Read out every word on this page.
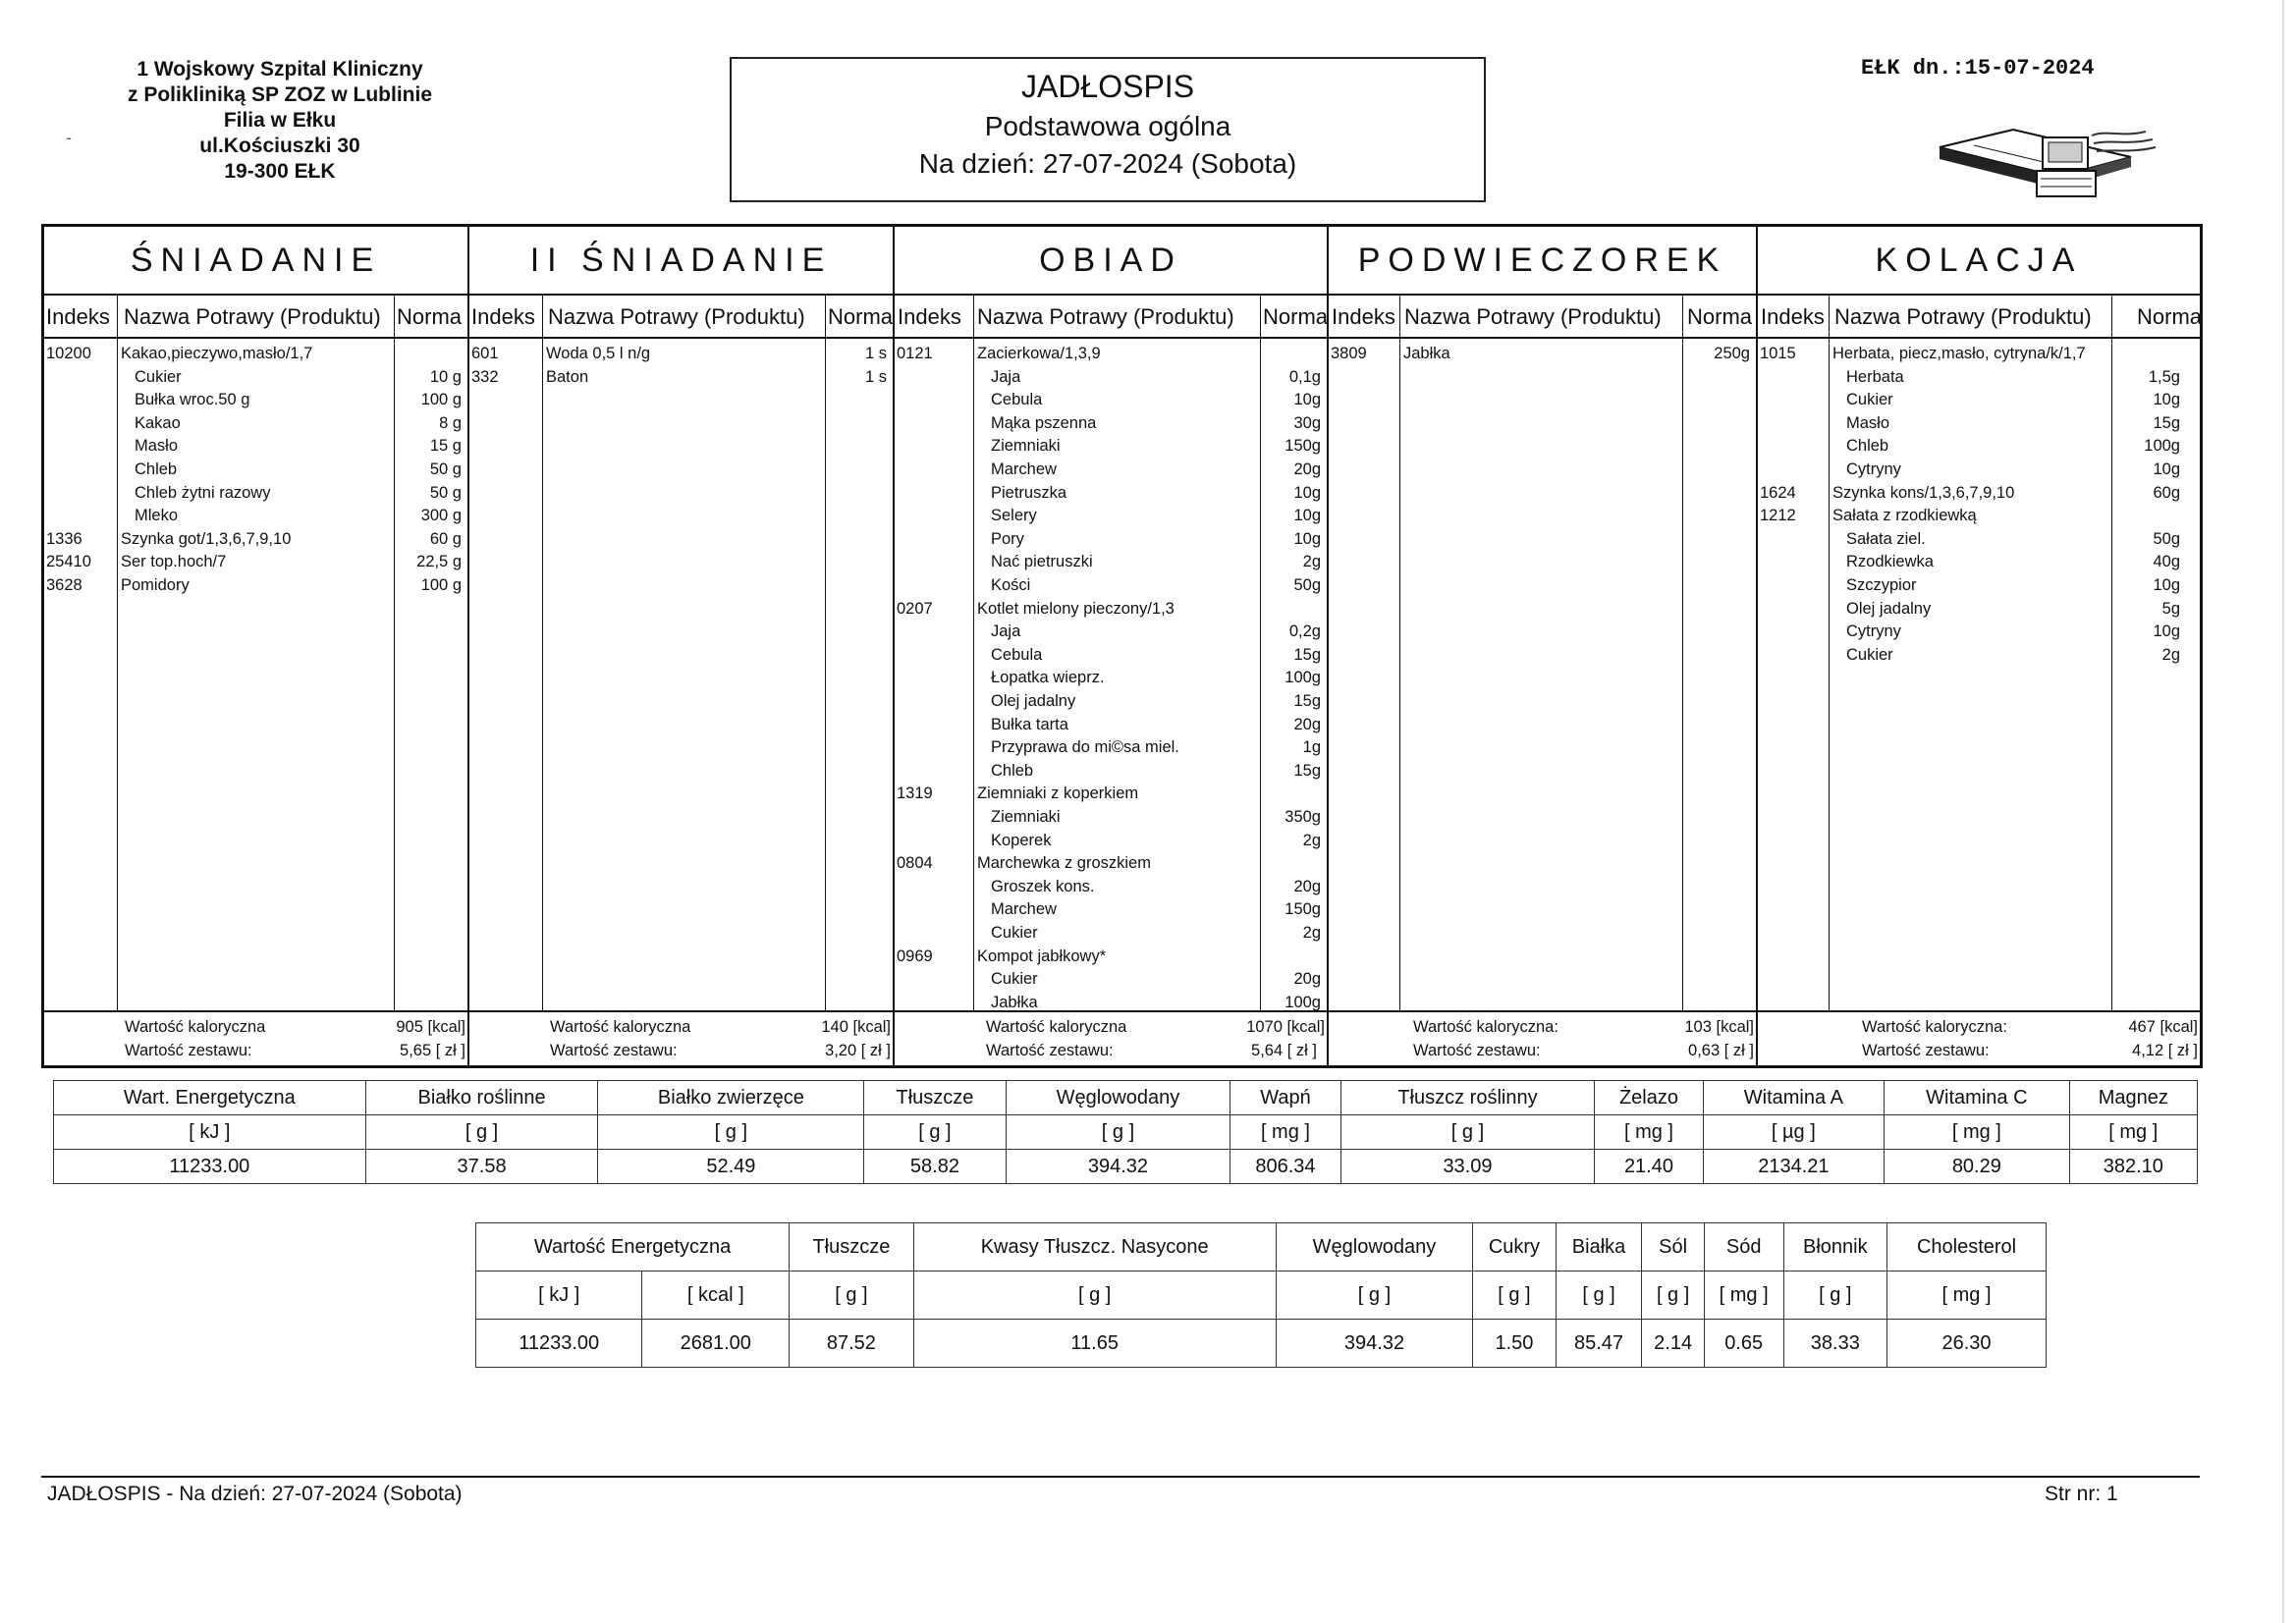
1 Wojskowy Szpital Kliniczny
z Polikliniką SP ZOZ w Lublinie
Filia w Ełku
ul.Kościuszki 30
19-300 EŁK
-
JADŁOSPIS
Podstawowa ogólna
Na dzień: 27-07-2024 (Sobota)
EŁK dn.:15-07-2024
ŚNIADANIE
Indeks Nazwa Potrawy (Produktu) Norma
10200 Kakao,pieczywo,masło/1,7
Cukier	10 g
Bułka wroc.50 g	100 g
Kakao	8 g
Masło	15 g
Chleb	50 g
Chleb żytni razowy	50 g
Mleko	300 g
1336 Szynka got/1,3,6,7,9,10	60 g
25410 Ser top.hoch/7	22,5 g
3628 Pomidory	100 g
Wartość kaloryczna	905 [kcal]
Wartość zestawu:	5,65 [ zł ]
II ŚNIADANIE
Indeks Nazwa Potrawy (Produktu) Norma
601	Woda 0,5 l n/g	1 s
332	Baton	1 s
Wartość kaloryczna	140 [kcal]
Wartość zestawu:	3,20 [ zł ]
OBIAD
Indeks Nazwa Potrawy (Produktu) Norma
0121	Zacierkowa/1,3,9
Jaja	0,1g
Cebula	10g
Mąka pszenna	30g
Ziemniaki	150g
Marchew	20g
Pietruszka	10g
Selery	10g
Pory	10g
Nać pietruszki	2g
Kości	50g
0207	Kotlet mielony pieczony/1,3
Jaja	0,2g
Cebula	15g
Łopatka wieprz.	100g
Olej jadalny	15g
Bułka tarta	20g
Przyprawa do mi©sa miel.	1g
Chleb	15g
1319	Ziemniaki z koperkiem
Ziemniaki	350g
Koperek	2g
0804	Marchewka z groszkiem
Groszek kons.	20g
Marchew	150g
Cukier	2g
0969	Kompot jabłkowy*
Cukier	20g
Jabłka	100g
Wartość kaloryczna	1070 [kcal]
Wartość zestawu:	5,64 [ zł ]
PODWIECZOREK
Indeks Nazwa Potrawy (Produktu) Norma
3809 Jabłka	250g
Wartość kaloryczna:	103 [kcal]
Wartość zestawu:	0,63 [ zł ]
KOLACJA
Indeks Nazwa Potrawy (Produktu) Norma
1015 Herbata, piecz,masło, cytryna/k/1,7
Herbata	1,5g
Cukier	10g
Masło	15g
Chleb	100g
Cytryny	10g
1624 Szynka kons/1,3,6,7,9,10	60g
1212 Sałata z rzodkiewką
Sałata ziel.	50g
Rzodkiewka	40g
Szczypior	10g
Olej jadalny	5g
Cytryny	10g
Cukier	2g
Wartość kaloryczna:	467 [kcal]
Wartość zestawu:	4,12 [ zł ]
Wart. Energetyczna	Białko roślinne	Białko zwierzęce	Tłuszcze	Węglowodany	Wapń	Tłuszcz roślinny	Żelazo	Witamina A	Witamina C	Magnez
[ kJ ]	[ g ]	[ g ]	[ g ]	[ g ]	[ mg ]	[ g ]	[ mg ]	[ µg ]	[ mg ]	[ mg ]
11233.00	37.58	52.49	58.82	394.32	806.34	33.09	21.40	2134.21	80.29	382.10
Wartość Energetyczna		Tłuszcze	Kwasy Tłuszcz. Nasycone	Węglowodany	Cukry	Białka	Sól	Sód	Błonnik	Cholesterol
[ kJ ]	[ kcal ]	[ g ]	[ g ]	[ g ]	[ g ]	[ g ]	[ g ]	[ mg ]	[ g ]	[ mg ]
11233.00	2681.00	87.52	11.65	394.32	1.50	85.47	2.14	0.65	38.33	26.30
JADŁOSPIS - Na dzień: 27-07-2024 (Sobota)	Str nr: 1
